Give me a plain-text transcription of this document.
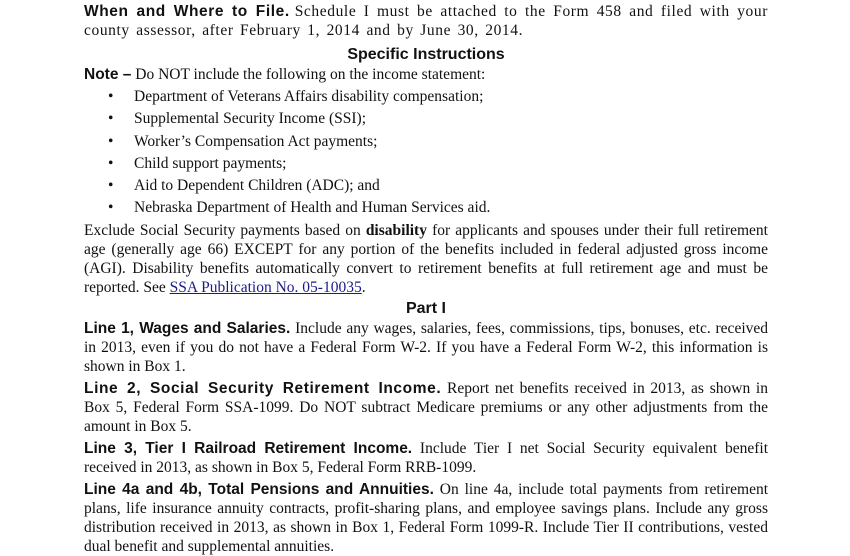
When and Where to File. Schedule I must be attached to the Form 458 and filed with your county assessor, after February 1, 2014 and by June 30, 2014.

Specific Instructions

Note – Do NOT include the following on the income statement:

• Department of Veterans Affairs disability compensation;
• Supplemental Security Income (SSI);
• Worker’s Compensation Act payments;
• Child support payments;
• Aid to Dependent Children (ADC); and
• Nebraska Department of Health and Human Services aid.

Exclude Social Security payments based on disability for applicants and spouses under their full retirement age (generally age 66) EXCEPT for any portion of the benefits included in federal adjusted gross income (AGI). Disability benefits automatically convert to retirement benefits at full retirement age and must be reported. See SSA Publication No. 05-10035.

Part I

Line 1, Wages and Salaries. Include any wages, salaries, fees, commissions, tips, bonuses, etc. received in 2013, even if you do not have a Federal Form W-2. If you have a Federal Form W-2, this information is shown in Box 1.

Line 2, Social Security Retirement Income. Report net benefits received in 2013, as shown in Box 5, Federal Form SSA-1099. Do NOT subtract Medicare premiums or any other adjustments from the amount in Box 5.

Line 3, Tier I Railroad Retirement Income. Include Tier I net Social Security equivalent benefit received in 2013, as shown in Box 5, Federal Form RRB-1099.

Line 4a and 4b, Total Pensions and Annuities. On line 4a, include total payments from retirement plans, life insurance annuity contracts, profit-sharing plans, and employee savings plans. Include any gross distribution received in 2013, as shown in Box 1, Federal Form 1099-R. Include Tier II contributions, vested dual benefit and supplemental annuities.
